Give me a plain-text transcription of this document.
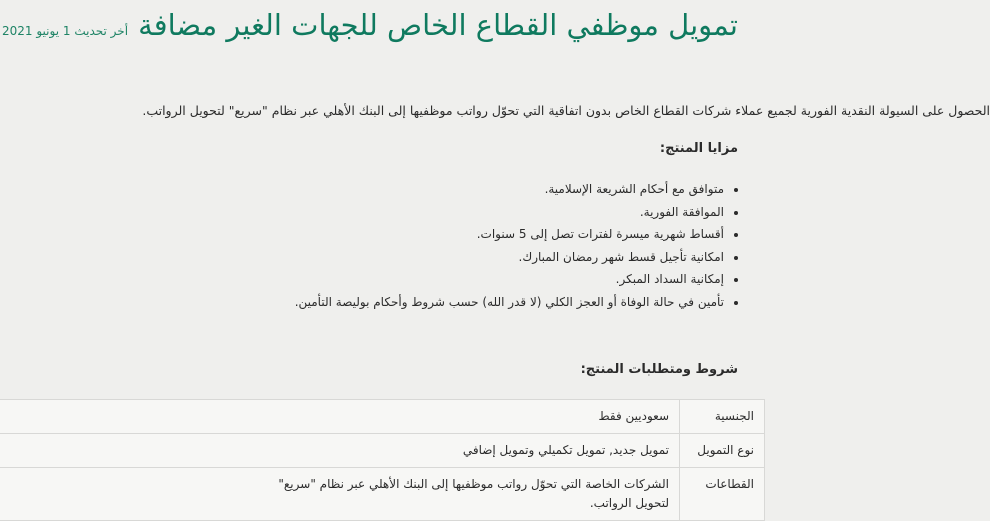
تمويل موظفي القطاع الخاص للجهات الغير مضافة
أخر تحديث 1 يونيو 2021

الحصول على السيولة النقدية الفورية لجميع عملاء شركات القطاع الخاص بدون اتفاقية التي تحوّل رواتب موظفيها إلى البنك الأهلي عبر نظام "سريع" لتحويل الرواتب.

مزايا المنتج:
• متوافق مع أحكام الشريعة الإسلامية.
• الموافقة الفورية.
• أقساط شهرية ميسرة لفترات تصل إلى 5 سنوات.
• امكانية تأجيل قسط شهر رمضان المبارك.
• إمكانية السداد المبكر.
• تأمين في حالة الوفاة أو العجز الكلي (لا قدر الله) حسب شروط وأحكام بوليصة التأمين.
شروط ومتطلبات المنتج:
الجنسية	سعوديين فقط
نوع التمويل	تمويل جديد, تمويل تكميلي وتمويل إضافي
القطاعات	الشركات الخاصة التي تحوّل رواتب موظفيها إلى البنك الأهلي عبر نظام "سريع"
لتحويل الرواتب.
